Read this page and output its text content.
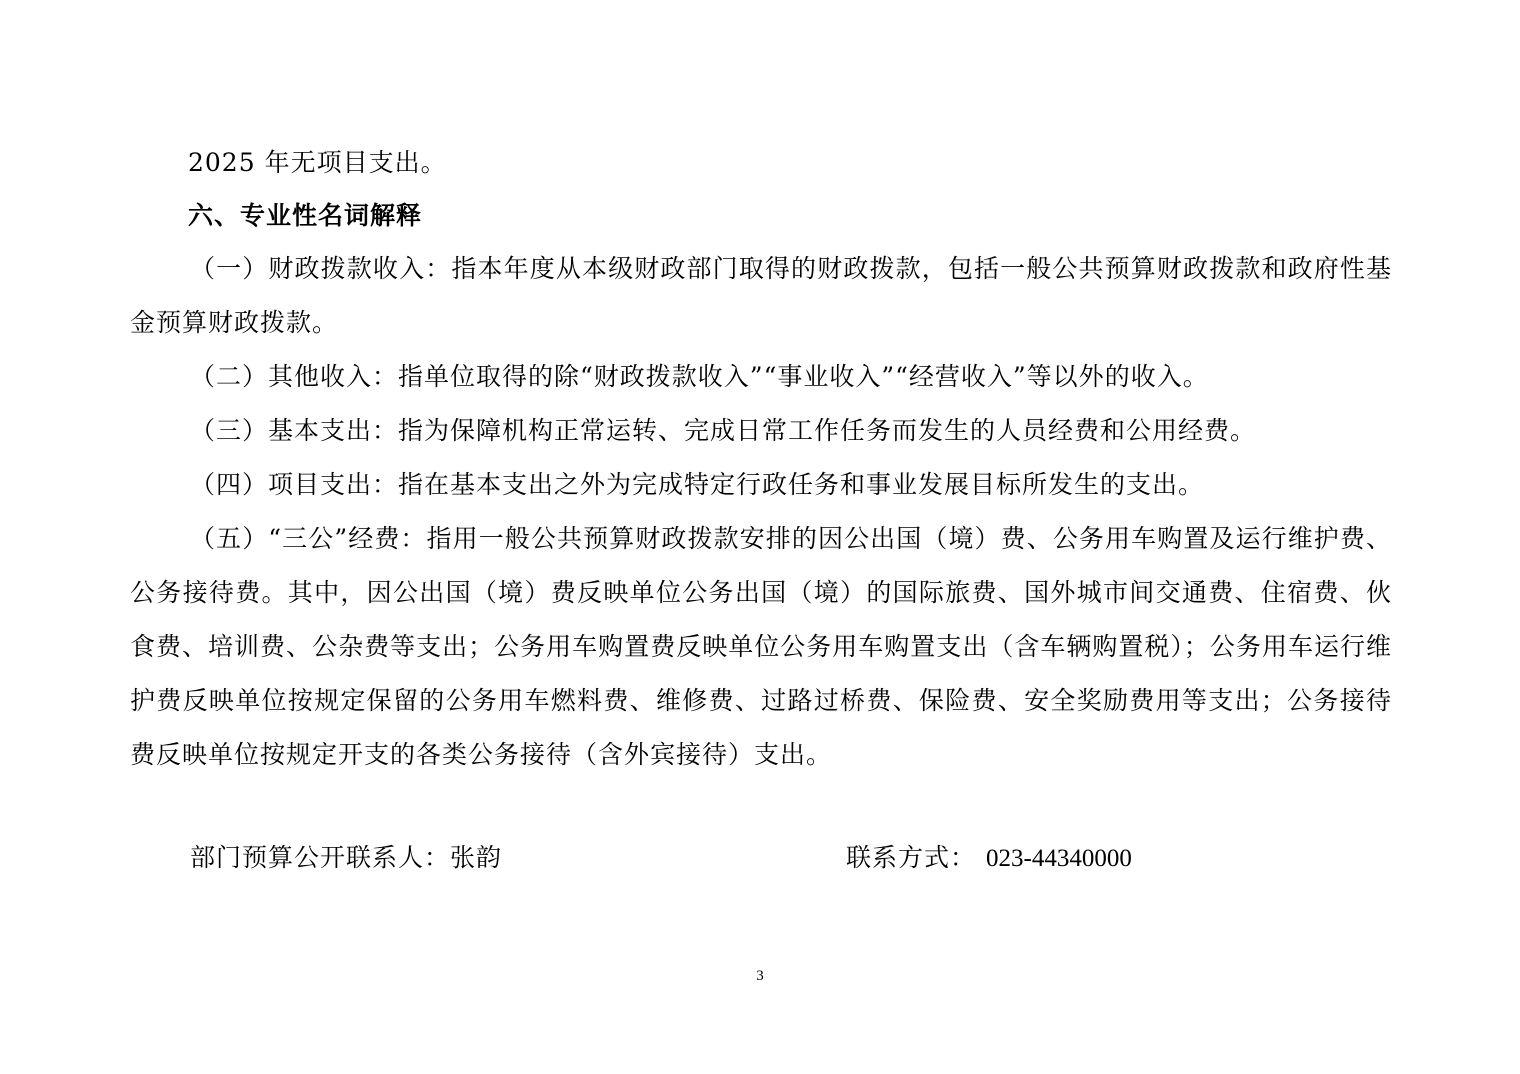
2025 年无项目支出。
六、专业性名词解释
（一）财政拨款收入：指本年度从本级财政部门取得的财政拨款，包括一般公共预算财政拨款和政府性基金预算财政拨款。
（二）其他收入：指单位取得的除“财政拨款收入”“事业收入”“经营收入”等以外的收入。
（三）基本支出：指为保障机构正常运转、完成日常工作任务而发生的人员经费和公用经费。
（四）项目支出：指在基本支出之外为完成特定行政任务和事业发展目标所发生的支出。
（五）“三公”经费：指用一般公共预算财政拨款安排的因公出国（境）费、公务用车购置及运行维护费、公务接待费。其中，因公出国（境）费反映单位公务出国（境）的国际旅费、国外城市间交通费、住宿费、伙食费、培训费、公杂费等支出；公务用车购置费反映单位公务用车购置支出（含车辆购置税）；公务用车运行维护费反映单位按规定保留的公务用车燃料费、维修费、过路过桥费、保险费、安全奖励费用等支出；公务接待费反映单位按规定开支的各类公务接待（含外宾接待）支出。
部门预算公开联系人：张韵	联系方式： 023-44340000
3
